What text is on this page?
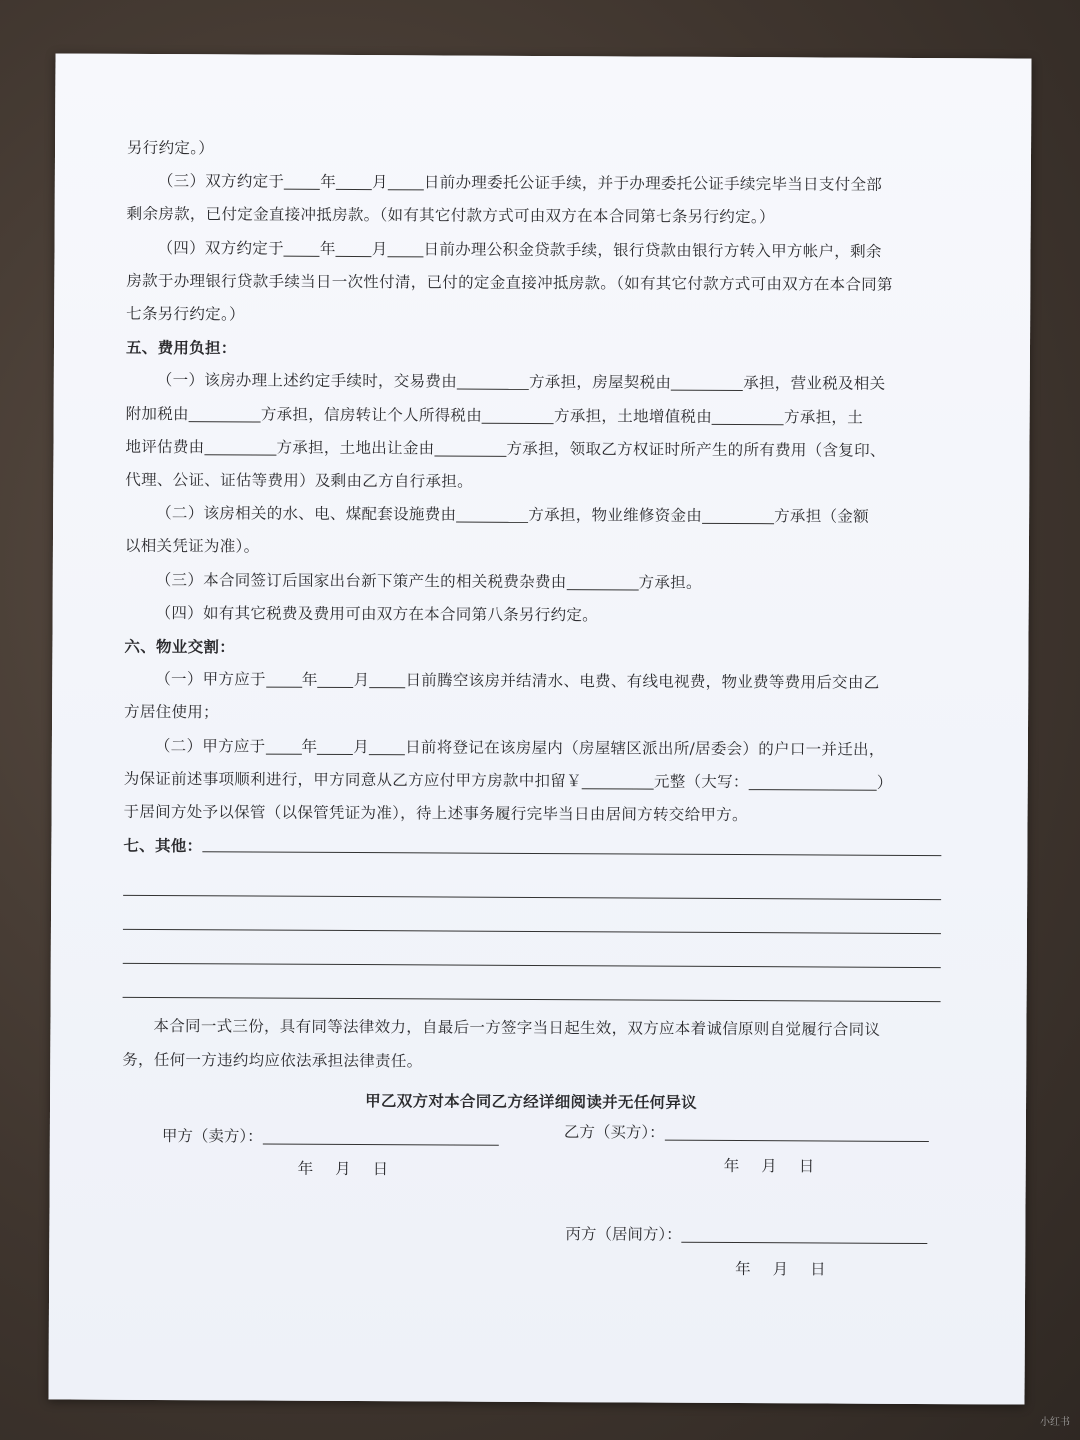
另行约定。）

（三）双方约定于 年 月 日前办理委托公证手续，并于办理委托公证手续完毕当日支付全部

剩余房款，已付定金直接冲抵房款。（如有其它付款方式可由双方在本合同第七条另行约定。）

（四）双方约定于 年 月 日前办理公积金贷款手续，银行贷款由银行方转入甲方帐户，剩余

房款于办理银行贷款手续当日一次性付清，已付的定金直接冲抵房款。（如有其它付款方式可由双方在本合同第

七条另行约定。）

五、费用负担：

（一）该房办理上述约定手续时，交易费由	方承担，房屋契税由	承担，营业税及相关

附加税由	方承担，信房转让个人所得税由	方承担，土地增值税由	方承担，土

地评估费由	方承担，土地出让金由	方承担，领取乙方权证时所产生的所有费用（含复印、

代理、公证、证估等费用）及剩由乙方自行承担。

（二）该房相关的水、电、煤配套设施费由	方承担，物业维修资金由	方承担（金额

以相关凭证为准）。

（三）本合同签订后国家出台新下策产生的相关税费杂费由	方承担。

（四）如有其它税费及费用可由双方在本合同第八条另行约定。

六、物业交割：

（一）甲方应于 年 月 日前腾空该房并结清水、电费、有线电视费，物业费等费用后交由乙

方居住使用；

（二）甲方应于 年 月 日前将登记在该房屋内（房屋辖区派出所/居委会）的户口一并迁出，

为保证前述事项顺利进行，甲方同意从乙方应付甲方房款中扣留￥	元整（大写：	）

于居间方处予以保管（以保管凭证为准），待上述事务履行完毕当日由居间方转交给甲方。

七、其他：

本合同一式三份，具有同等法律效力，自最后一方签字当日起生效，双方应本着诚信原则自觉履行合同议

务，任何一方违约均应依法承担法律责任。

甲乙双方对本合同乙方经详细阅读并无任何异议

甲方（卖方）：
年月日
乙方（买方）：
年月日
丙方（居间方）：
年月日
小红书
